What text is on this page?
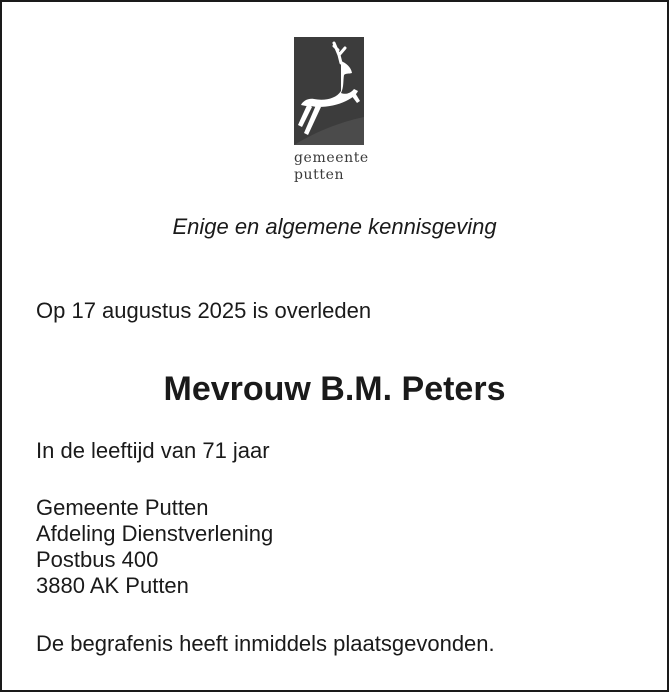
gemeente
putten
Enige en algemene kennisgeving
Op 17 augustus 2025 is overleden
Mevrouw B.M. Peters
In de leeftijd van 71 jaar
Gemeente Putten
Afdeling Dienstverlening
Postbus 400
3880 AK Putten
De begrafenis heeft inmiddels plaatsgevonden.
